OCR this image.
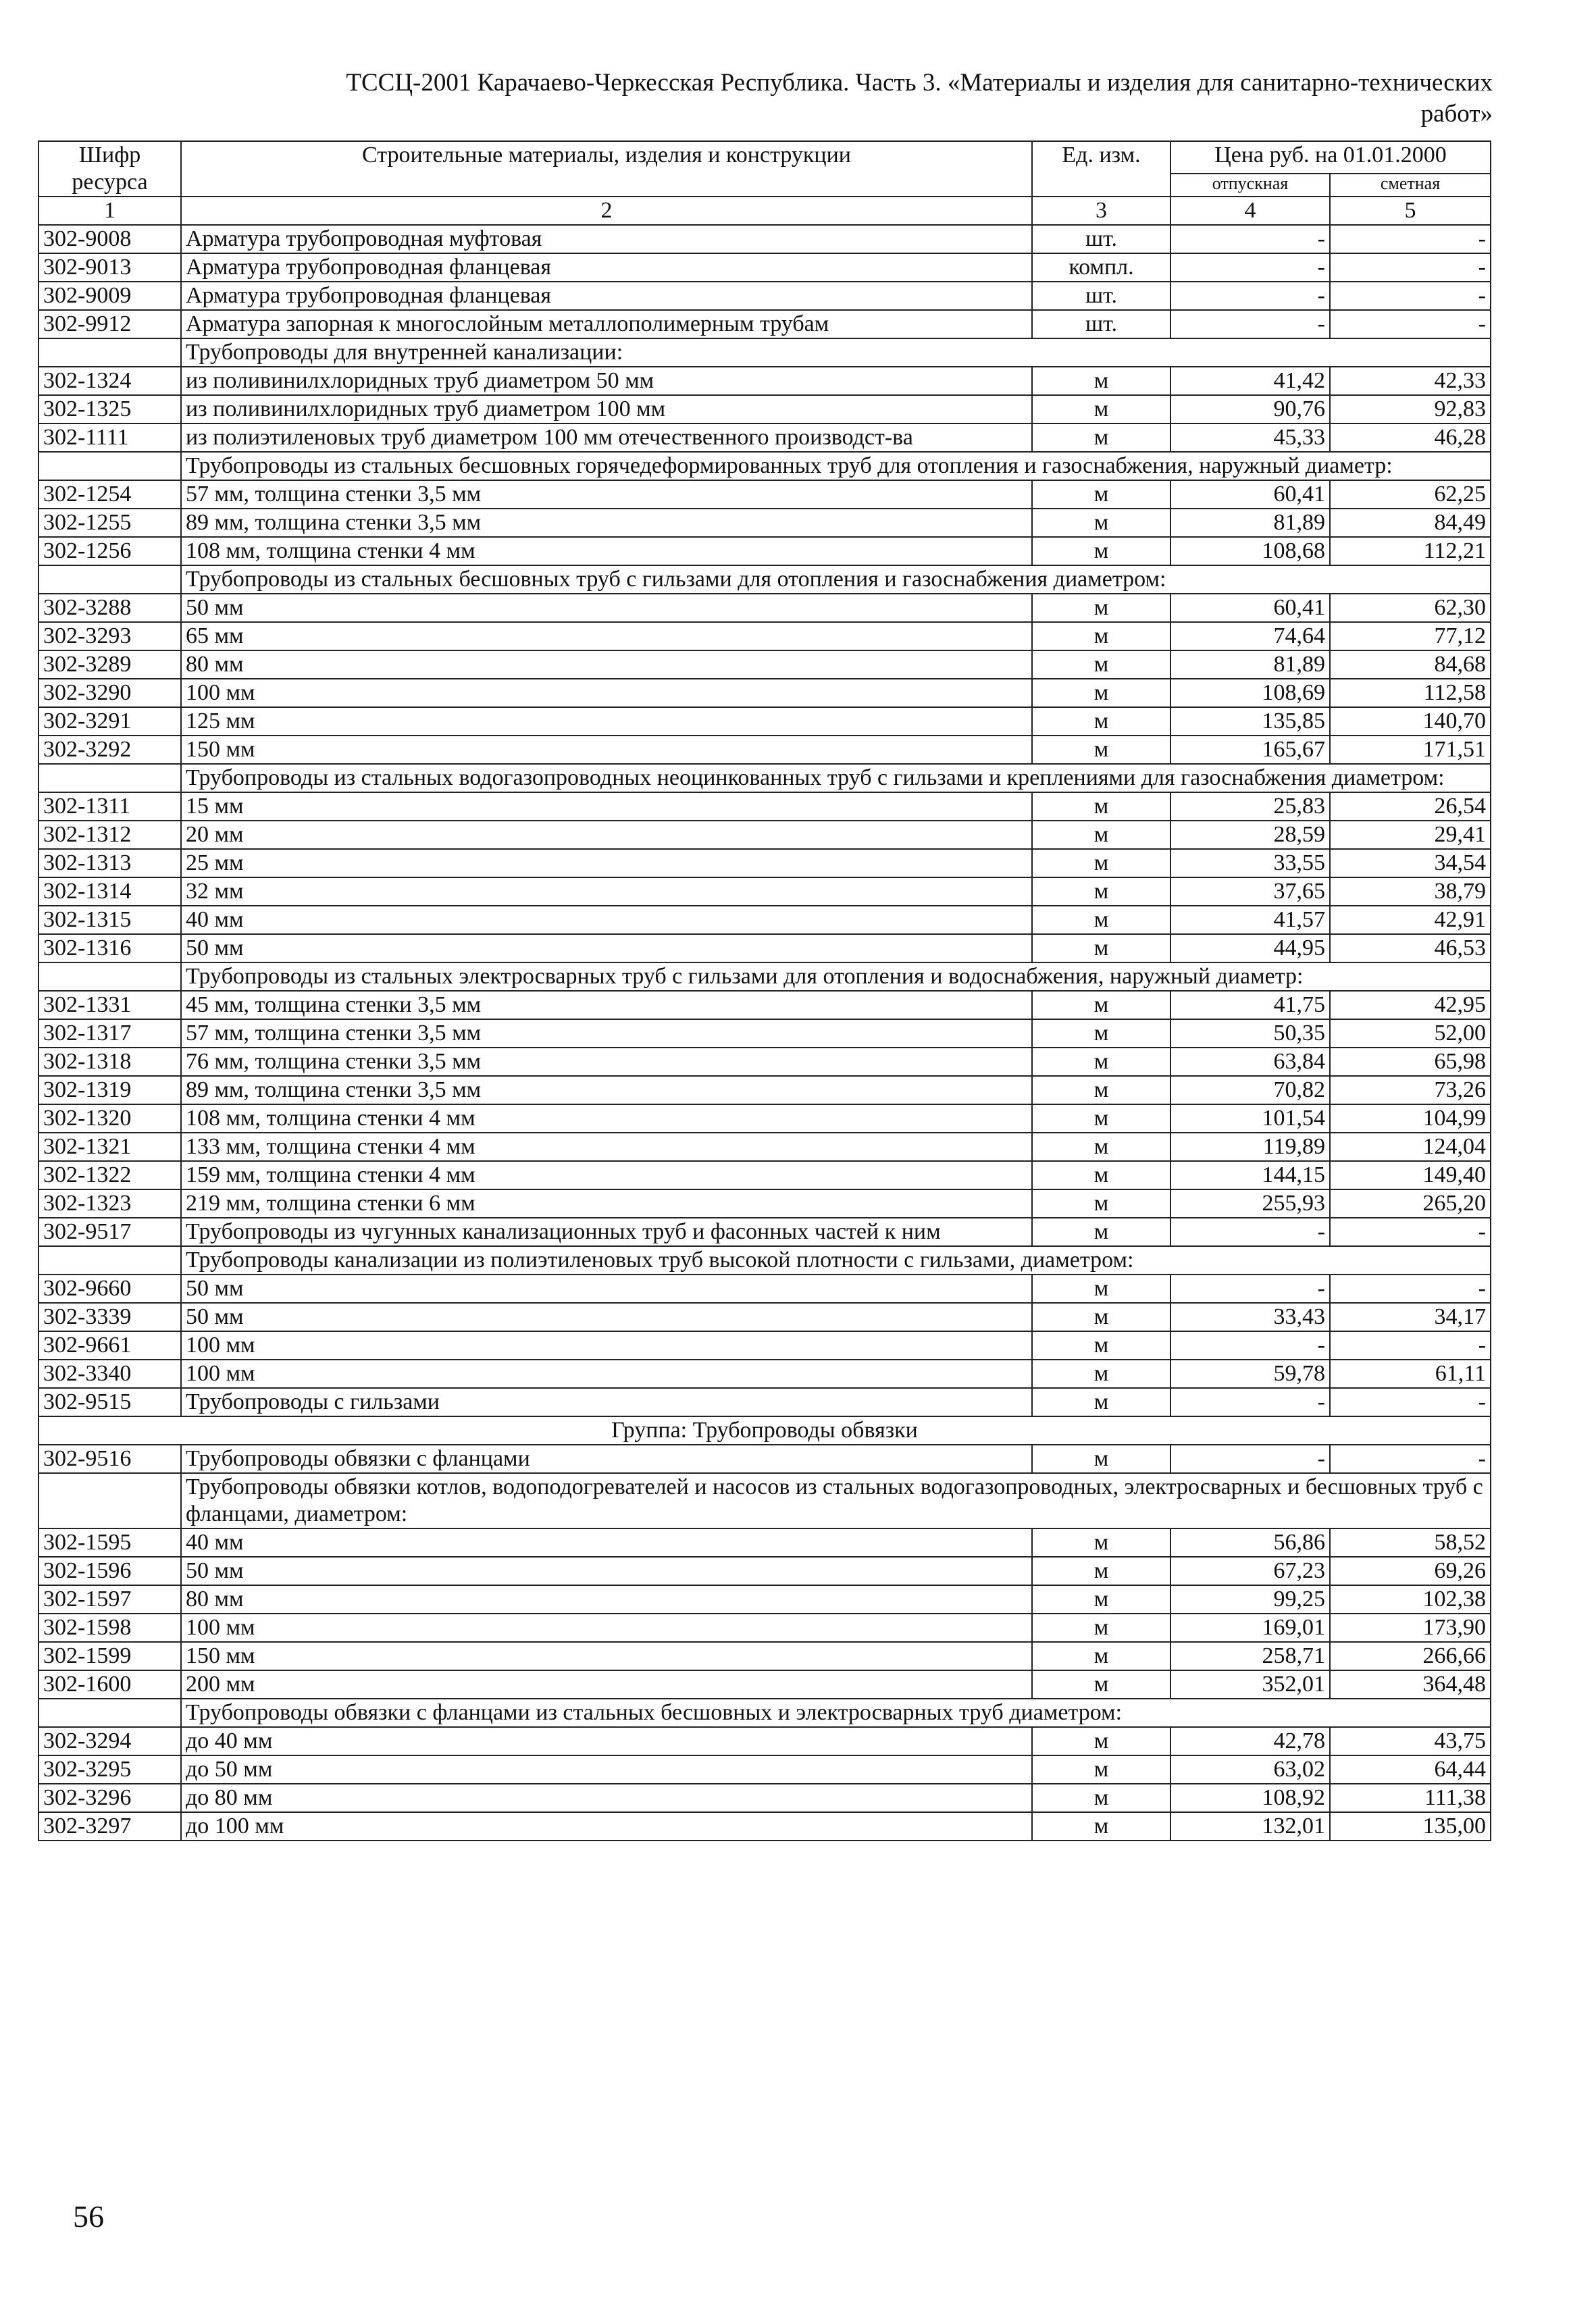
ТССЦ-2001 Карачаево-Черкесская Республика. Часть 3. «Материалы и изделия для санитарно-технических
работ»
Шифр ресурса	Строительные материалы, изделия и конструкции	Ед. изм.	Цена руб. на 01.01.2000	
			отпускная	сметная
1	2	3	4	5
302-9008	Арматура трубопроводная муфтовая	шт.	-	-
302-9013	Арматура трубопроводная фланцевая	компл.	-	-
302-9009	Арматура трубопроводная фланцевая	шт.	-	-
302-9912	Арматура запорная к многослойным металлополимерным трубам	шт.	-	-
	Трубопроводы для внутренней канализации:			
302-1324	из поливинилхлоридных труб диаметром 50 мм	м	41,42	42,33
302-1325	из поливинилхлоридных труб диаметром 100 мм	м	90,76	92,83
302-1111	из полиэтиленовых труб диаметром 100 мм отечественного производст-ва	м	45,33	46,28
	Трубопроводы из стальных бесшовных горячедеформированных труб для отопления и газоснабжения, наружный диаметр:			
302-1254	57 мм, толщина стенки 3,5 мм	м	60,41	62,25
302-1255	89 мм, толщина стенки 3,5 мм	м	81,89	84,49
302-1256	108 мм, толщина стенки 4 мм	м	108,68	112,21
	Трубопроводы из стальных бесшовных труб с гильзами для отопления и газоснабжения диаметром:			
302-3288	50 мм	м	60,41	62,30
302-3293	65 мм	м	74,64	77,12
302-3289	80 мм	м	81,89	84,68
302-3290	100 мм	м	108,69	112,58
302-3291	125 мм	м	135,85	140,70
302-3292	150 мм	м	165,67	171,51
	Трубопроводы из стальных водогазопроводных неоцинкованных труб с гильзами и креплениями для газоснабжения диаметром:			
302-1311	15 мм	м	25,83	26,54
302-1312	20 мм	м	28,59	29,41
302-1313	25 мм	м	33,55	34,54
302-1314	32 мм	м	37,65	38,79
302-1315	40 мм	м	41,57	42,91
302-1316	50 мм	м	44,95	46,53
	Трубопроводы из стальных электросварных труб с гильзами для отопления и водоснабжения, наружный диаметр:			
302-1331	45 мм, толщина стенки 3,5 мм	м	41,75	42,95
302-1317	57 мм, толщина стенки 3,5 мм	м	50,35	52,00
302-1318	76 мм, толщина стенки 3,5 мм	м	63,84	65,98
302-1319	89 мм, толщина стенки 3,5 мм	м	70,82	73,26
302-1320	108 мм, толщина стенки 4 мм	м	101,54	104,99
302-1321	133 мм, толщина стенки 4 мм	м	119,89	124,04
302-1322	159 мм, толщина стенки 4 мм	м	144,15	149,40
302-1323	219 мм, толщина стенки 6 мм	м	255,93	265,20
302-9517	Трубопроводы из чугунных канализационных труб и фасонных частей к ним	м	-	-
	Трубопроводы канализации из полиэтиленовых труб высокой плотности с гильзами, диаметром:			
302-9660	50 мм	м	-	-
302-3339	50 мм	м	33,43	34,17
302-9661	100 мм	м	-	-
302-3340	100 мм	м	59,78	61,11
302-9515	Трубопроводы с гильзами	м	-	-
Группа: Трубопроводы обвязки				
302-9516	Трубопроводы обвязки с фланцами	м	-	-
	Трубопроводы обвязки котлов, водоподогревателей и насосов из стальных водогазопроводных, электросварных и бесшовных труб с фланцами, диаметром:			
302-1595	40 мм	м	56,86	58,52
302-1596	50 мм	м	67,23	69,26
302-1597	80 мм	м	99,25	102,38
302-1598	100 мм	м	169,01	173,90
302-1599	150 мм	м	258,71	266,66
302-1600	200 мм	м	352,01	364,48
	Трубопроводы обвязки с фланцами из стальных бесшовных и электросварных труб диаметром:			
302-3294	до 40 мм	м	42,78	43,75
302-3295	до 50 мм	м	63,02	64,44
302-3296	до 80 мм	м	108,92	111,38
302-3297	до 100 мм	м	132,01	135,00
56
